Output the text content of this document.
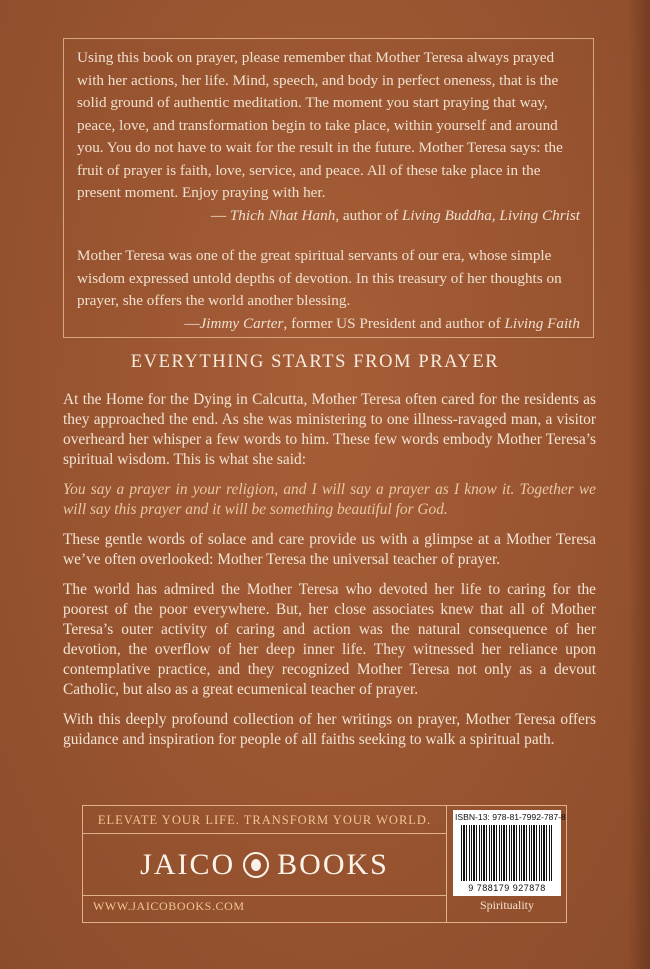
Using this book on prayer, please remember that Mother Teresa always prayed with her actions, her life. Mind, speech, and body in perfect oneness, that is the solid ground of authentic meditation. The moment you start praying that way, peace, love, and transformation begin to take place, within yourself and around you. You do not have to wait for the result in the future. Mother Teresa says: the fruit of prayer is faith, love, service, and peace. All of these take place in the present moment. Enjoy praying with her.

— Thich Nhat Hanh, author of Living Buddha, Living Christ

Mother Teresa was one of the great spiritual servants of our era, whose simple wisdom expressed untold depths of devotion. In this treasury of her thoughts on prayer, she offers the world another blessing.

—Jimmy Carter, former US President and author of Living Faith

EVERYTHING STARTS FROM PRAYER

At the Home for the Dying in Calcutta, Mother Teresa often cared for the residents as they approached the end. As she was ministering to one illness-ravaged man, a visitor overheard her whisper a few words to him. These few words embody Mother Teresa’s spiritual wisdom. This is what she said:

You say a prayer in your religion, and I will say a prayer as I know it. Together we will say this prayer and it will be something beautiful for God.

These gentle words of solace and care provide us with a glimpse at a Mother Teresa we’ve often overlooked: Mother Teresa the universal teacher of prayer.

The world has admired the Mother Teresa who devoted her life to caring for the poorest of the poor everywhere. But, her close associates knew that all of Mother Teresa’s outer activity of caring and action was the natural consequence of her devotion, the overflow of her deep inner life. They witnessed her reliance upon contemplative practice, and they recognized Mother Teresa not only as a devout Catholic, but also as a great ecumenical teacher of prayer.

With this deeply profound collection of her writings on prayer, Mother Teresa offers guidance and inspiration for people of all faiths seeking to walk a spiritual path.

ELEVATE YOUR LIFE. TRANSFORM YOUR WORLD.
JAICO BOOKS
WWW.JAICOBOOKS.COM
ISBN-13: 978-81-7992-787-8
9 788179 927878
Spirituality
